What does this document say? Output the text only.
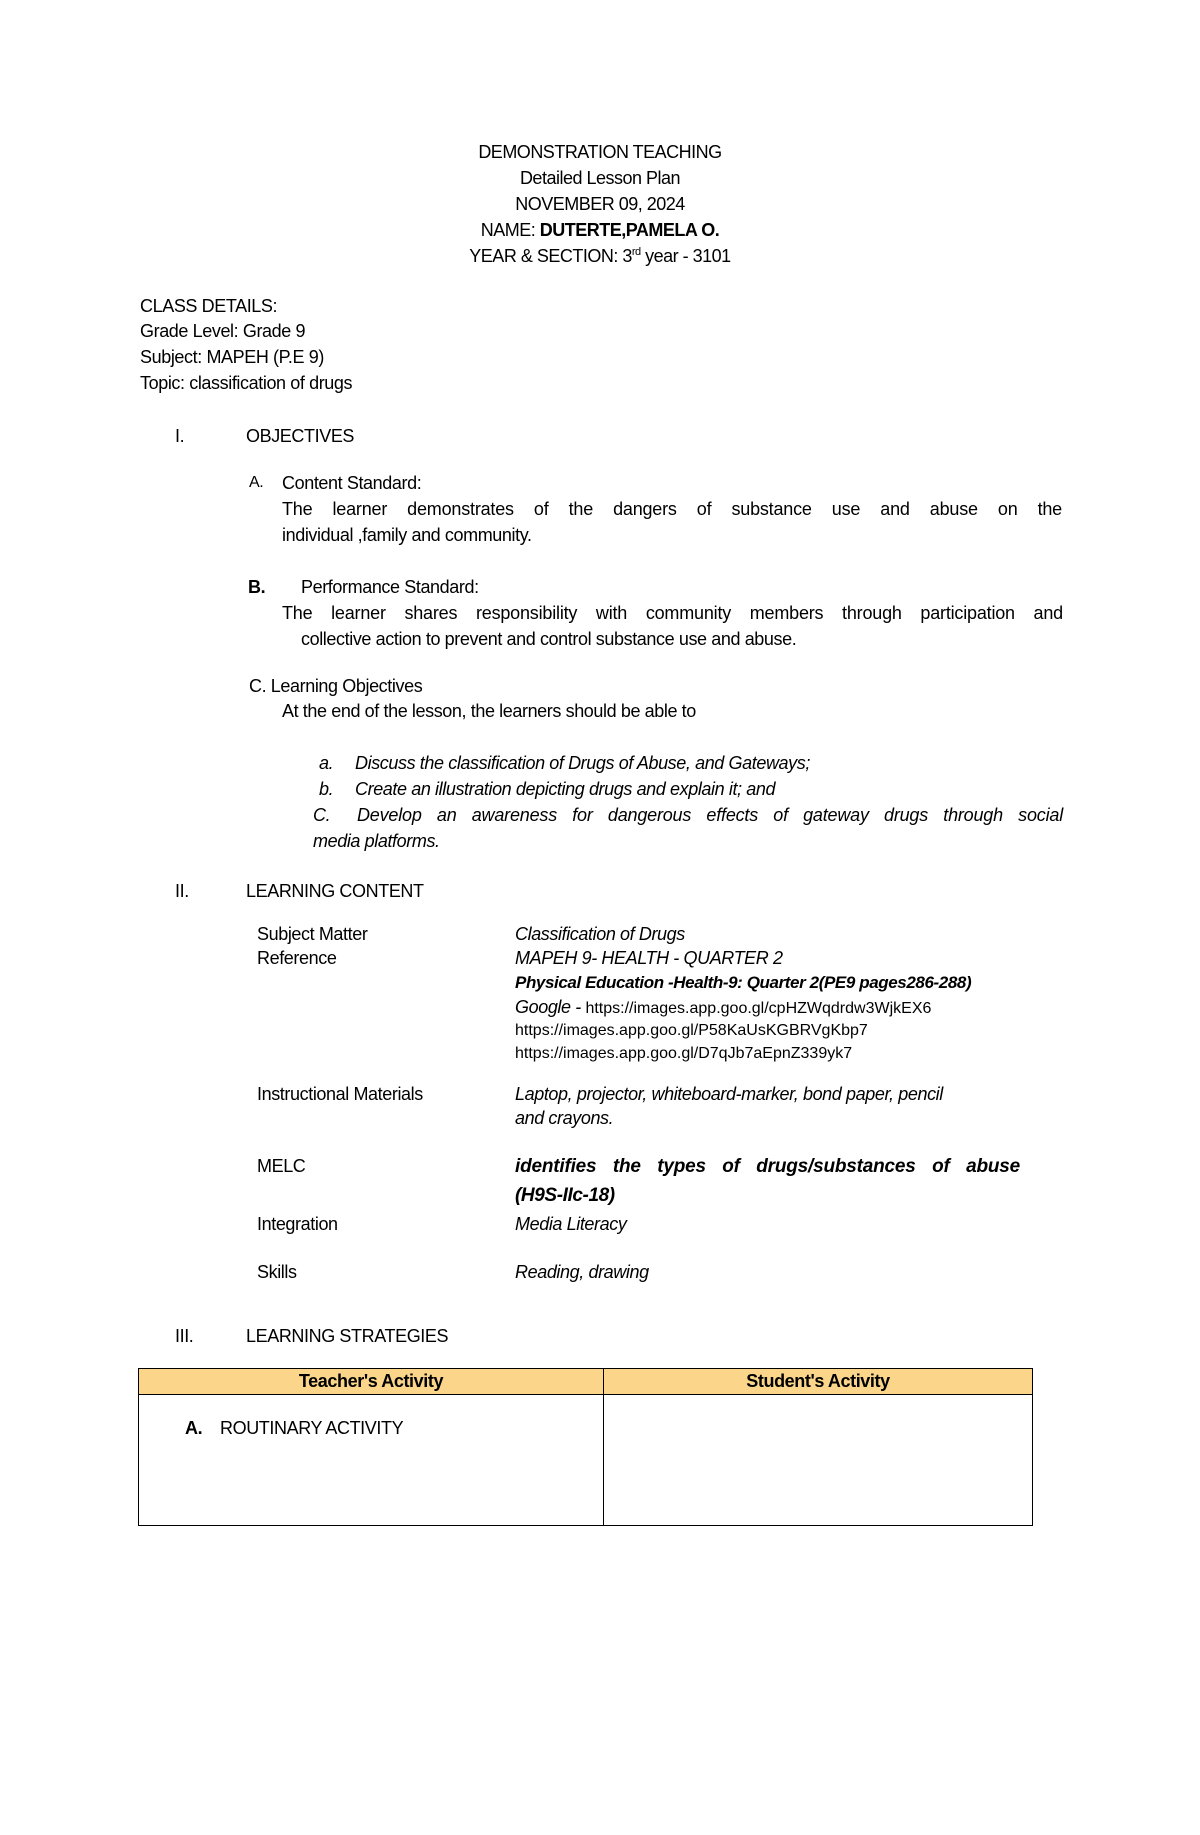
DEMONSTRATION TEACHING
Detailed Lesson Plan
NOVEMBER 09, 2024
NAME: DUTERTE,PAMELA O.
YEAR & SECTION: 3rd year - 3101
CLASS DETAILS:
Grade Level: Grade 9
Subject: MAPEH (P.E 9)
Topic: classification of drugs
I.	OBJECTIVES
A. Content Standard:
The learner demonstrates of the dangers of substance use and abuse on the
individual ,family and community.
B. Performance Standard:
The learner shares responsibility with community members through participation and
collective action to prevent and control substance use and abuse.
C. Learning Objectives
At the end of the lesson, the learners should be able to
a. Discuss the classification of Drugs of Abuse, and Gateways;
b. Create an illustration depicting drugs and explain it; and
C. Develop an awareness for dangerous effects of gateway drugs through social
media platforms.
II.	LEARNING CONTENT
Subject Matter	Classification of Drugs
Reference	MAPEH 9- HEALTH - QUARTER 2
Physical Education -Health-9: Quarter 2(PE9 pages286-288)
Google - https://images.app.goo.gl/cpHZWqdrdw3WjkEX6
https://images.app.goo.gl/P58KaUsKGBRVgKbp7
https://images.app.goo.gl/D7qJb7aEpnZ339yk7
Instructional Materials	Laptop, projector, whiteboard-marker, bond paper, pencil
and crayons.
MELC	identifies the types of drugs/substances of abuse
(H9S-IIc-18)
Integration	Media Literacy
Skills	Reading, drawing
III.	LEARNING STRATEGIES
Teacher's Activity	Student's Activity

A. ROUTINARY ACTIVITY	
